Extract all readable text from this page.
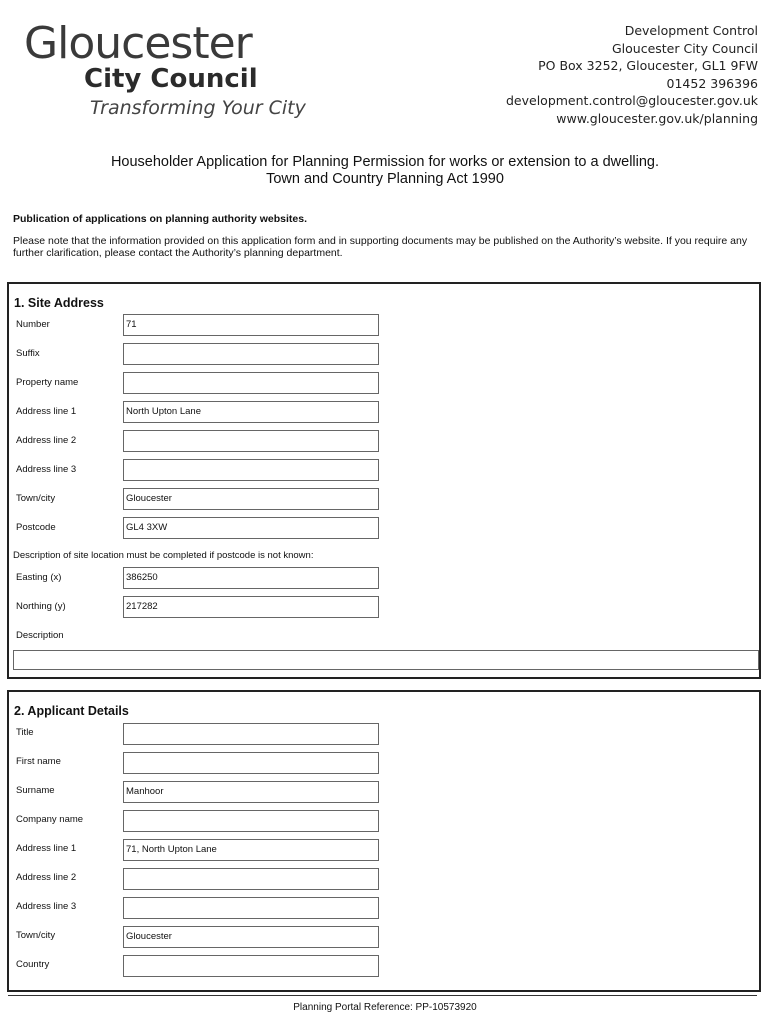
Gloucester
City Council
Transforming Your City
Development Control
Gloucester City Council
PO Box 3252, Gloucester, GL1 9FW
01452 396396
development.control@gloucester.gov.uk
www.gloucester.gov.uk/planning
Householder Application for Planning Permission for works or extension to a dwelling.
Town and Country Planning Act 1990
Publication of applications on planning authority websites.
Please note that the information provided on this application form and in supporting documents may be published on the Authority’s website. If you require any further clarification, please contact the Authority’s planning department.
1. Site Address
Number	71
Suffix
Property name
Address line 1	North Upton Lane
Address line 2
Address line 3
Town/city	Gloucester
Postcode	GL4 3XW
Description of site location must be completed if postcode is not known:
Easting (x)	386250
Northing (y)	217282
Description
2. Applicant Details
Title
First name
Surname	Manhoor
Company name
Address line 1	71, North Upton Lane
Address line 2
Address line 3
Town/city	Gloucester
Country
Planning Portal Reference: PP-10573920
